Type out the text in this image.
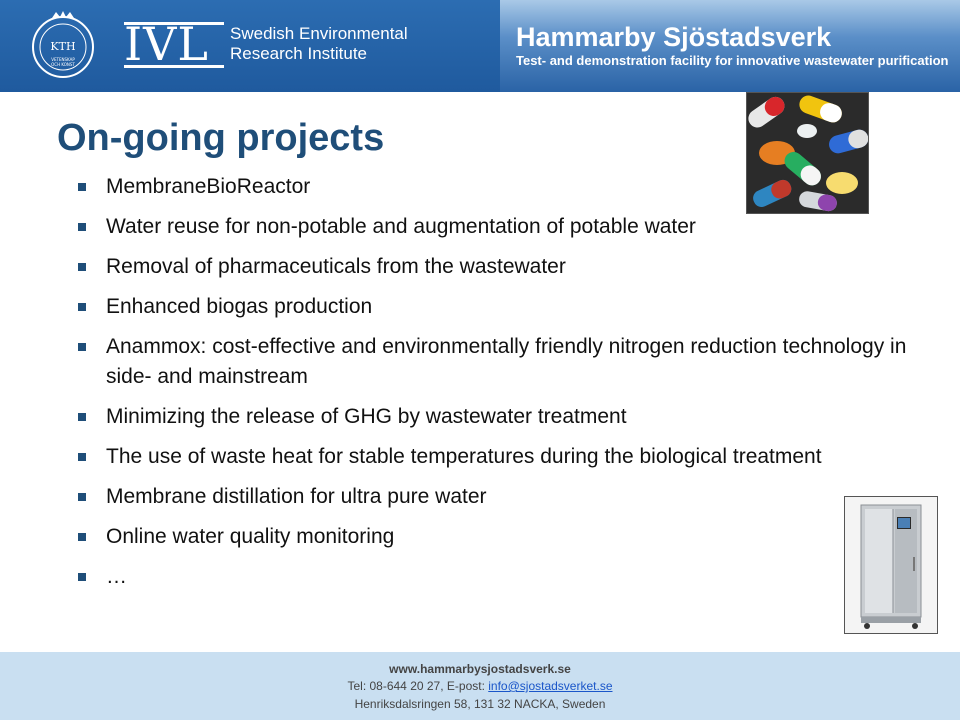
KTH
VETENSKAP
OCH KONST IVL	Swedish Environmental
Research Institute
Hammarby Sjöstadsverk
Test- and demonstration facility for innovative wastewater purification
On-going projects
MembraneBioReactor
Water reuse for non-potable and augmentation of potable water
Removal of pharmaceuticals from the wastewater
Enhanced biogas production
Anammox: cost-effective and environmentally friendly nitrogen reduction technology in side- and mainstream
Minimizing the release of GHG by wastewater treatment
The use of waste heat for stable temperatures during the biological treatment
Membrane distillation for ultra pure water
Online water quality monitoring
…
www.hammarbysjostadsverk.se
Tel: 08-644 20 27, E-post: info@sjostadsverket.se
Henriksdalsringen 58, 131 32 NACKA, Sweden
